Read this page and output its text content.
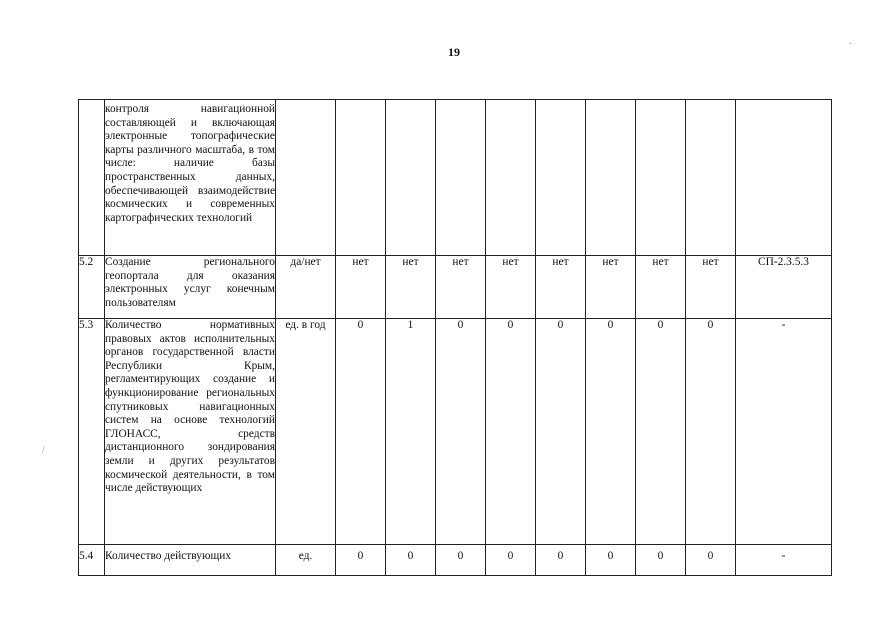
19
	контроля навигационной составляющей и включающая электронные топографические карты различного масштаба, в том числе: наличие базы пространственных данных, обеспечивающей взаимодействие космических и современных картографических технологий										
5.2	Создание регионального геопортала для оказания электронных услуг конечным пользователям	да/нет	нет	нет	нет	нет	нет	нет	нет	нет	СП-2.3.5.3
5.3	Количество нормативных правовых актов исполнительных органов государственной власти Республики Крым, регламентирующих создание и функционирование региональных спутниковых навигационных систем на основе технологий ГЛОНАСС, средств дистанционного зондирования земли и других результатов космической деятельности, в том числе действующих	ед. в год	0	1	0	0	0	0	0	0	-
5.4	Количество действующих	ед.	0	0	0	0	0	0	0	0	-
.
/
